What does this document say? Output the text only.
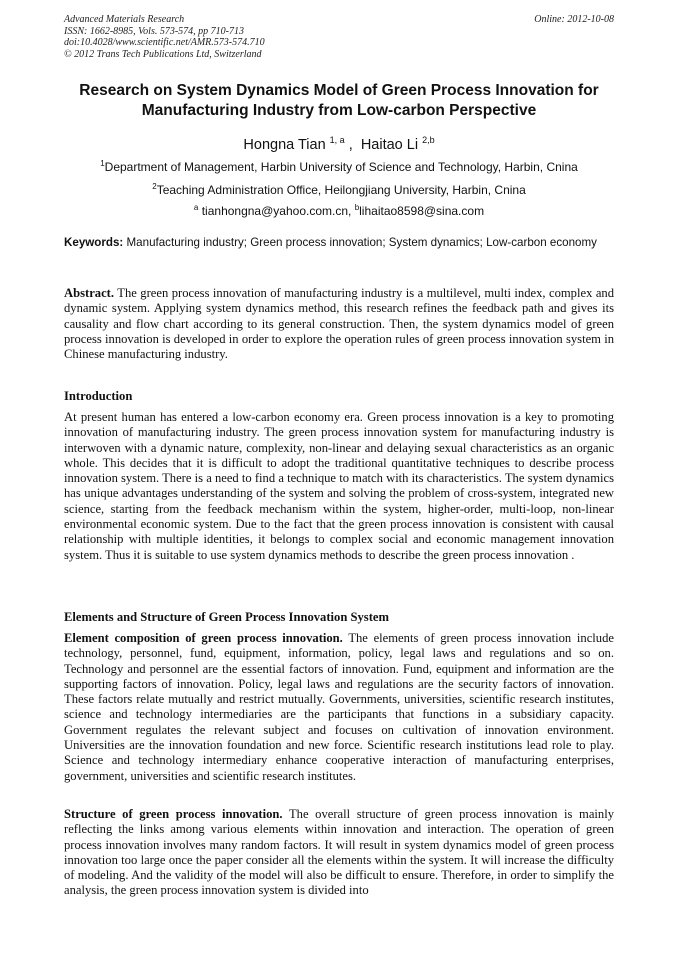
Advanced Materials Research
ISSN: 1662-8985, Vols. 573-574, pp 710-713
doi:10.4028/www.scientific.net/AMR.573-574.710
© 2012 Trans Tech Publications Ltd, Switzerland
Online: 2012-10-08
Research on System Dynamics Model of Green Process Innovation for
Manufacturing Industry from Low-carbon Perspective
Hongna Tian $^{1, a}$ , Haitao Li $^{2,b}$
$^1$Department of Management, Harbin University of Science and Technology, Harbin, Cnina
$^2$Teaching Administration Office, Heilongjiang University, Harbin, Cnina
$^a$ tianhongna@yahoo.com.cn, $^b$lihaitao8598@sina.com
Keywords: Manufacturing industry; Green process innovation; System dynamics; Low-carbon economy
Abstract. The green process innovation of manufacturing industry is a multilevel, multi index, complex and dynamic system. Applying system dynamics method, this research refines the feedback path and gives its causality and flow chart according to its general construction. Then, the system dynamics model of green process innovation is developed in order to explore the operation rules of green process innovation system in Chinese manufacturing industry.
Introduction
At present human has entered a low-carbon economy era. Green process innovation is a key to promoting innovation of manufacturing industry. The green process innovation system for manufacturing industry is interwoven with a dynamic nature, complexity, non-linear and delaying sexual characteristics as an organic whole. This decides that it is difficult to adopt the traditional quantitative techniques to describe process innovation system. There is a need to find a technique to match with its characteristics. The system dynamics has unique advantages understanding of the system and solving the problem of cross-system, integrated new science, starting from the feedback mechanism within the system, higher-order, multi-loop, non-linear environmental economic system. Due to the fact that the green process innovation is consistent with causal relationship with multiple identities, it belongs to complex social and economic management innovation system. Thus it is suitable to use system dynamics methods to describe the green process innovation .
Elements and Structure of Green Process Innovation System
Element composition of green process innovation. The elements of green process innovation include technology, personnel, fund, equipment, information, policy, legal laws and regulations and so on. Technology and personnel are the essential factors of innovation. Fund, equipment and information are the supporting factors of innovation. Policy, legal laws and regulations are the security factors of innovation. These factors relate mutually and restrict mutually. Governments, universities, scientific research institutes, science and technology intermediaries are the participants that functions in a subsidiary capacity. Government regulates the relevant subject and focuses on cultivation of innovation environment. Universities are the innovation foundation and new force. Scientific research institutions lead role to play. Science and technology intermediary enhance cooperative interaction of manufacturing enterprises, government, universities and scientific research institutes.
Structure of green process innovation. The overall structure of green process innovation is mainly reflecting the links among various elements within innovation and interaction. The operation of green process innovation involves many random factors. It will result in system dynamics model of green process innovation too large once the paper consider all the elements within the system. It will increase the difficulty of modeling. And the validity of the model will also be difficult to ensure. Therefore, in order to simplify the analysis, the green process innovation system is divided into
